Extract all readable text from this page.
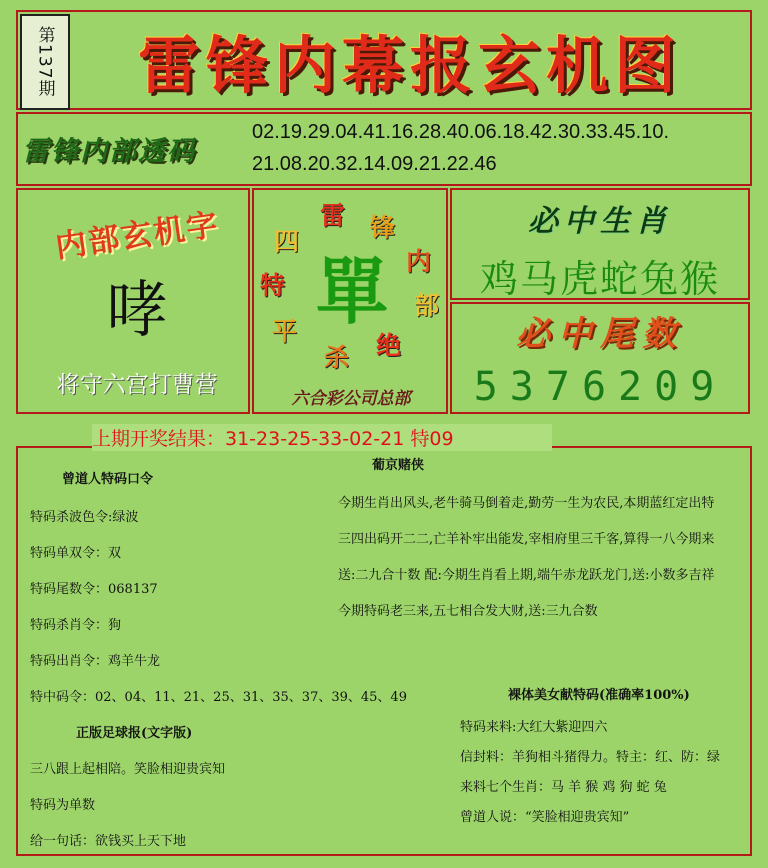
第137期	雷锋内幕报玄机图
雷锋内部透码
02.19.29.04.41.16.28.40.06.18.42.30.33.45.10.
21.08.20.32.14.09.21.22.46
内部玄机字
哮
将守六宫打曹营
雷 锋
内
部
绝
杀
平
特
四
單
六合彩公司总部
必中生肖
鸡马虎蛇兔猴
必中尾数
5376209
上期开奖结果：31-23-25-33-02-21 特09
曾道人特码口令
特码杀波色令:绿波
特码单双令：双
特码尾数令：068137
特码杀肖令：狗
特码出肖令：鸡羊牛龙
特中码令：02、04、11、21、25、31、35、37、39、45、49
正版足球报(文字版)
三八跟上起相陪。笑脸相迎贵宾知
特码为单数
给一句话：欲钱买上天下地
葡京赌侠
今期生肖出风头,老牛骑马倒着走,勤劳一生为农民,本期蓝红定出特
三四出码开二二,亡羊补牢出能发,宰相府里三千客,算得一八今期来
送:二九合十数 配:今期生肖看上期,端午赤龙跃龙门,送:小数多吉祥
今期特码老三来,五七相合发大财,送:三九合数
裸体美女献特码(准确率100%)
特码来料:大红大紫迎四六
信封料：羊狗相斗猪得力。特主：红、防：绿
来料七个生肖：马 羊 猴 鸡 狗 蛇 兔
曾道人说：“笑脸相迎贵宾知”
